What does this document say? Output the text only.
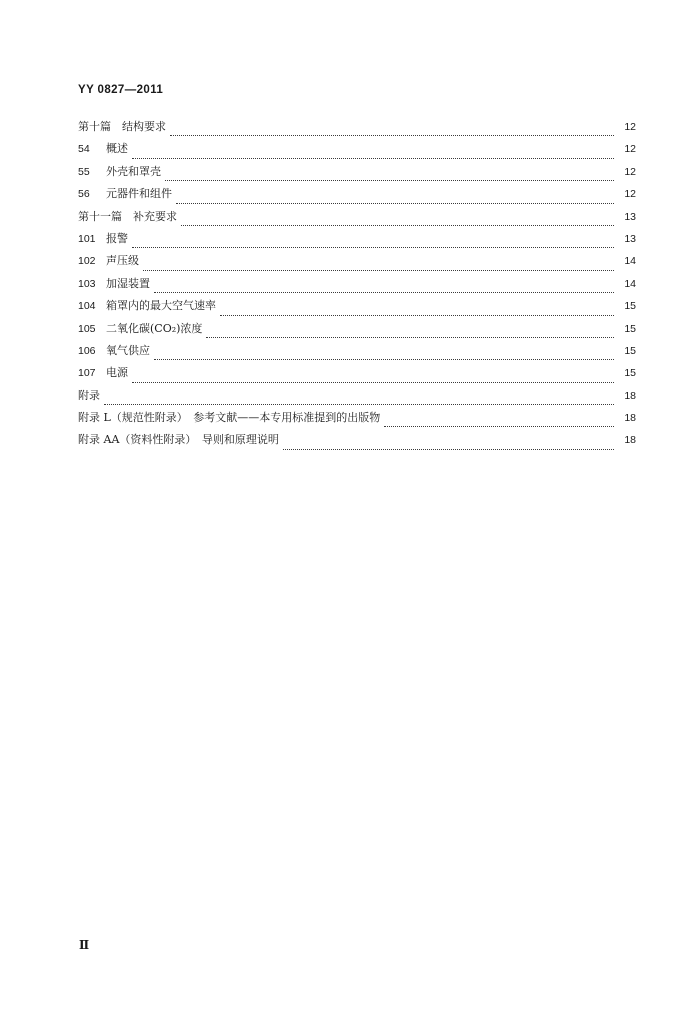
YY 0827—2011
第十篇　结构要求	12
54	概述	12
55	外壳和罩壳	12
56	元器件和组件	12
第十一篇　补充要求	13
101 报警	13
102 声压级	14
103 加湿装置	14
104 箱罩内的最大空气速率	15
105 二氧化碳(CO₂)浓度	15
106 氧气供应	15
107 电源	15
附录	18
附录 L（规范性附录）　参考文献——本专用标准提到的出版物	18
附录 AA（资料性附录）　导则和原理说明	18
Ⅱ
